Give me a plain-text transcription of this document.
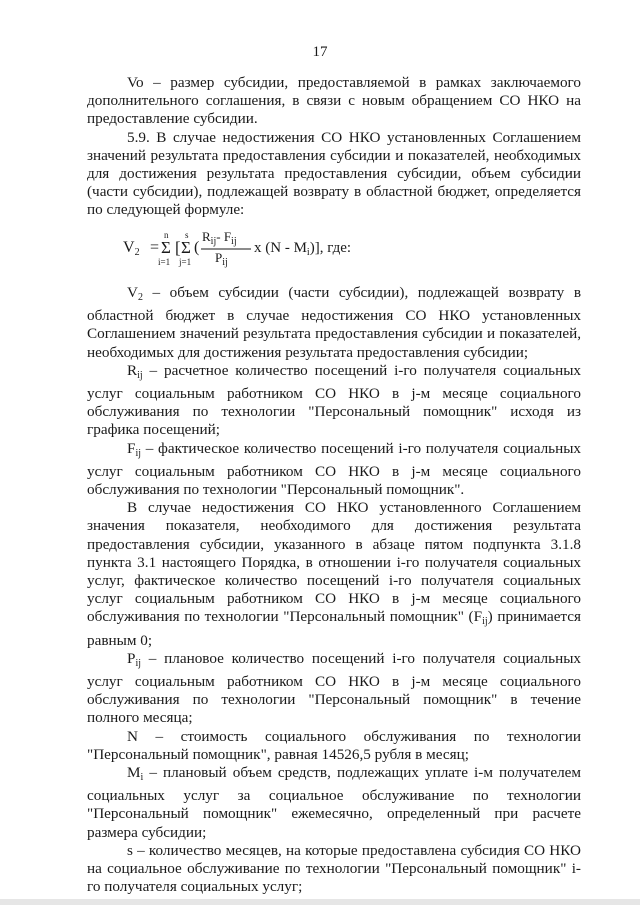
17

Vo – размер субсидии, предоставляемой в рамках заключаемого дополнительного соглашения, в связи с новым обращением СО НКО на предоставление субсидии.

5.9. В случае недостижения СО НКО установленных Соглашением значений результата предоставления субсидии и показателей, необходимых для достижения результата предоставления субсидии, объем субсидии (части субсидии), подлежащей возврату в областной бюджет, определяется по следующей формуле:

$V_2$ =
n
Σ
i=1
[
s
Σ
j=1
(
$R_{ij}-$ $F_{ij}$
$P_{ij}$
x $(N - M_i)$], где:

$V_2$ – объем субсидии (части субсидии), подлежащей возврату в областной бюджет в случае недостижения СО НКО установленных Соглашением значений результата предоставления субсидии и показателей, необходимых для достижения результата предоставления субсидии;

$R_{ij}$ – расчетное количество посещений i-го получателя социальных услуг социальным работником СО НКО в j-м месяце социального обслуживания по технологии "Персональный помощник" исходя из графика посещений;

$F_{ij}$ – фактическое количество посещений i-го получателя социальных услуг социальным работником СО НКО в j-м месяце социального обслуживания по технологии "Персональный помощник".

В случае недостижения СО НКО установленного Соглашением значения показателя, необходимого для достижения результата предоставления субсидии, указанного в абзаце пятом подпункта 3.1.8 пункта 3.1 настоящего Порядка, в отношении i-го получателя социальных услуг, фактическое количество посещений i-го получателя социальных услуг социальным работником СО НКО в j-м месяце социального обслуживания по технологии "Персональный помощник" $(F_{ij})$ принимается равным 0;

$P_{ij}$ – плановое количество посещений i-го получателя социальных услуг социальным работником СО НКО в j-м месяце социального обслуживания по технологии "Персональный помощник" в течение полного месяца;

N – стоимость социального обслуживания по технологии "Персональный помощник", равная 14526,5 рубля в месяц;

$M_i$ – плановый объем средств, подлежащих уплате i-м получателем социальных услуг за социальное обслуживание по технологии "Персональный помощник" ежемесячно, определенный при расчете размера субсидии;

s – количество месяцев, на которые предоставлена субсидия СО НКО на социальное обслуживание по технологии "Персональный помощник" i-го получателя социальных услуг;
